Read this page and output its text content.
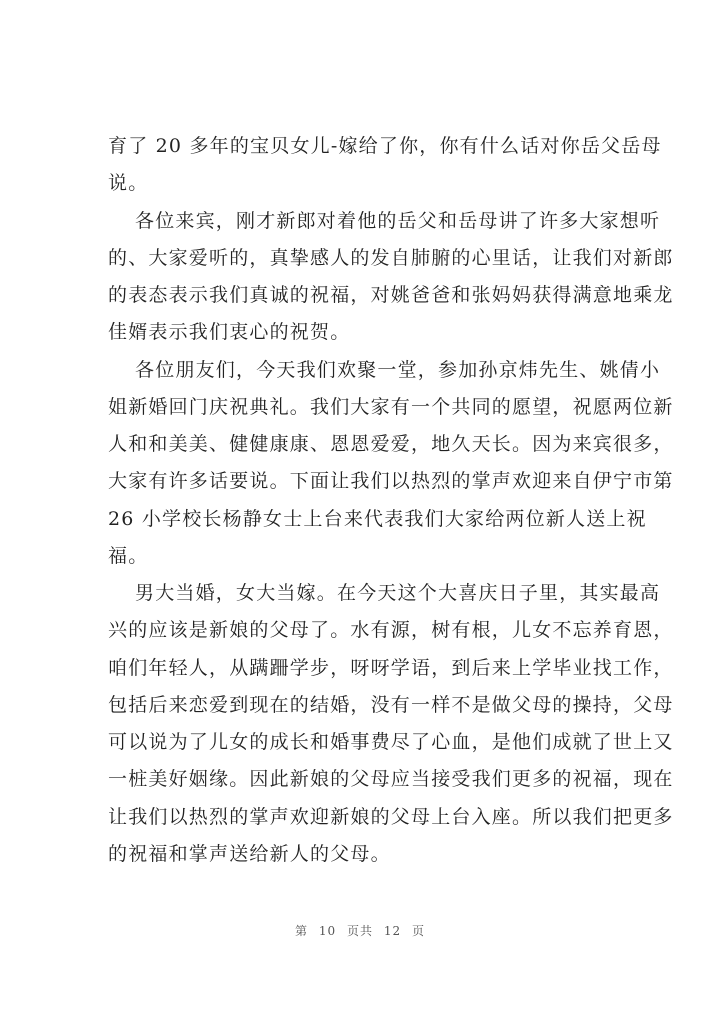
育了 20 多年的宝贝女儿-嫁给了你，你有什么话对你岳父岳母
说。
各位来宾，刚才新郎对着他的岳父和岳母讲了许多大家想听
的、大家爱听的，真挚感人的发自肺腑的心里话，让我们对新郎
的表态表示我们真诚的祝福，对姚爸爸和张妈妈获得满意地乘龙
佳婿表示我们衷心的祝贺。
各位朋友们，今天我们欢聚一堂，参加孙京炜先生、姚倩小
姐新婚回门庆祝典礼。我们大家有一个共同的愿望，祝愿两位新
人和和美美、健健康康、恩恩爱爱，地久天长。因为来宾很多，
大家有许多话要说。下面让我们以热烈的掌声欢迎来自伊宁市第
26 小学校长杨静女士上台来代表我们大家给两位新人送上祝
福。
男大当婚，女大当嫁。在今天这个大喜庆日子里，其实最高
兴的应该是新娘的父母了。水有源，树有根，儿女不忘养育恩，
咱们年轻人，从蹒跚学步，呀呀学语，到后来上学毕业找工作，
包括后来恋爱到现在的结婚，没有一样不是做父母的操持，父母
可以说为了儿女的成长和婚事费尽了心血，是他们成就了世上又
一桩美好姻缘。因此新娘的父母应当接受我们更多的祝福，现在
让我们以热烈的掌声欢迎新娘的父母上台入座。所以我们把更多
的祝福和掌声送给新人的父母。
第 10 页共 12 页
